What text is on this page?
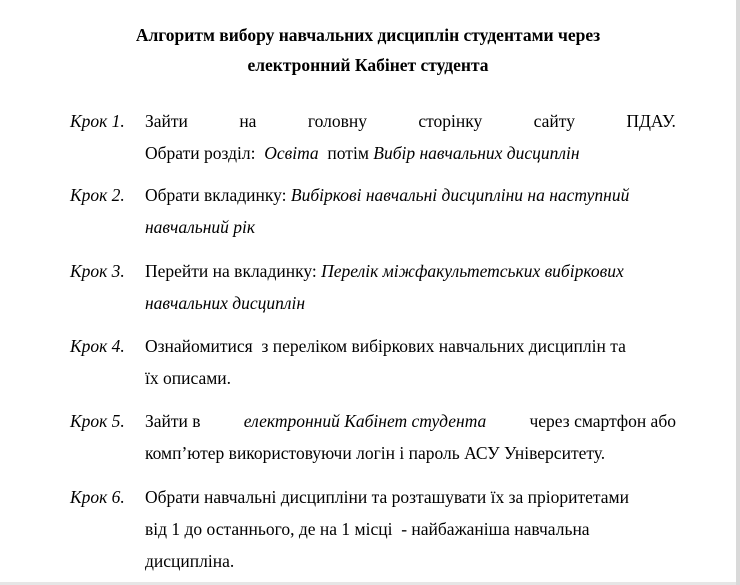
Алгоритм вибору навчальних дисциплін студентами через
електронний Кабінет студента
Крок 1. Зайти	на	головну	сторінку	сайту	ПДАУ.
Обрати розділ:  Освіта  потім Вибір навчальних дисциплін
Крок 2. Обрати вкладинку: Вибіркові навчальні дисципліни на наступний
навчальний рік
Крок 3. Перейти на вкладинку: Перелік міжфакультетських вибіркових
навчальних дисциплін
Крок 4. Ознайомитися  з переліком вибіркових навчальних дисциплін та
їх описами.
Крок 5. Зайти в електронний Кабінет студента через смартфон або
комп’ютер використовуючи логін і пароль АСУ Університету.
Крок 6. Обрати навчальні дисципліни та розташувати їх за пріоритетами
від 1 до останнього, де на 1 місці  - найбажаніша навчальна
дисципліна.
